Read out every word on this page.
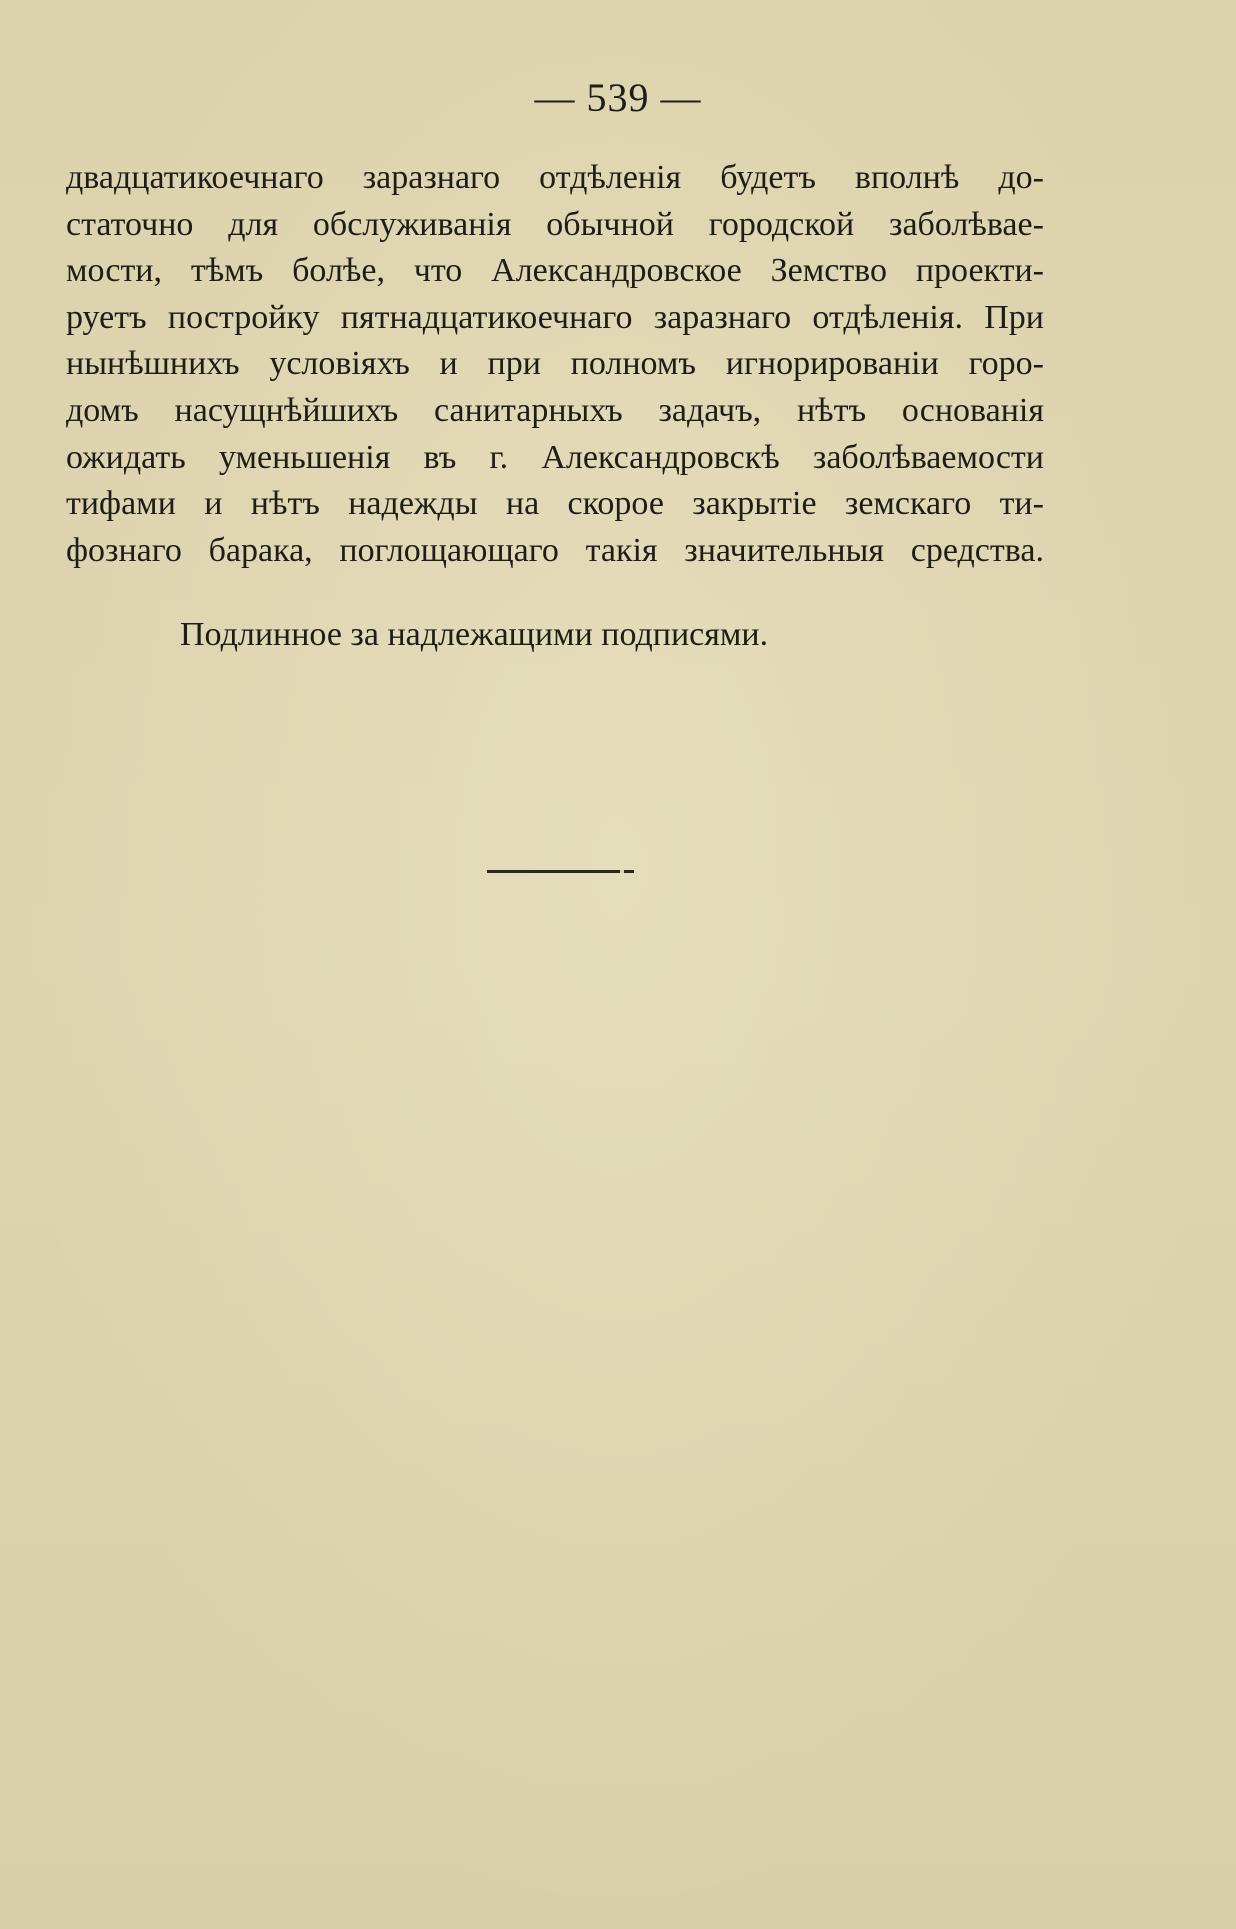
— 539 —
двадцатикоечнаго заразнаго отдѣленія будетъ вполнѣ до-
статочно для обслуживанія обычной городской заболѣвае-
мости, тѣмъ болѣе, что Александровское Земство проекти-
руетъ постройку пятнадцатикоечнаго заразнаго отдѣленія. При
нынѣшнихъ условіяхъ и при полномъ игнорированіи горо-
домъ насущнѣйшихъ санитарныхъ задачъ, нѣтъ основанія
ожидать уменьшенія въ г. Александровскѣ заболѣваемости
тифами и нѣтъ надежды на скорое закрытіе земскаго ти-
фознаго барака, поглощающаго такія значительныя средства.
Подлинное за надлежащими подписями.
